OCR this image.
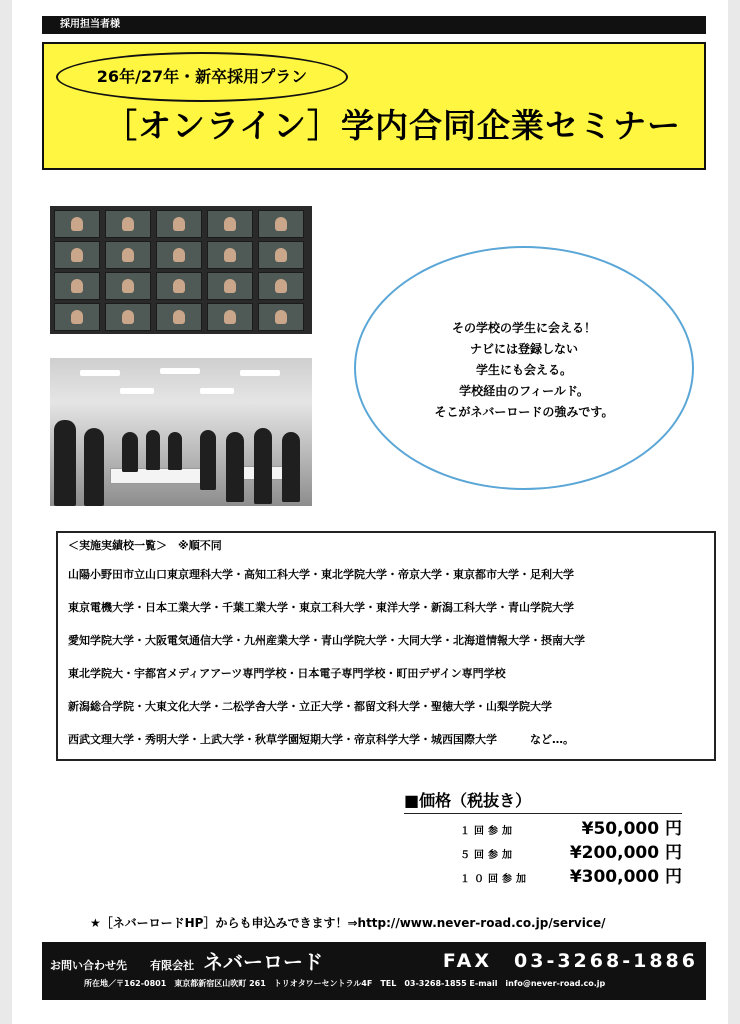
採用担当者様
26年/27年・新卒採用プラン
［オンライン］学内合同企業セミナー
その学校の学生に会える！
ナビには登録しない
学生にも会える。
学校経由のフィールド。
そこがネバーロードの強みです。
＜実施実績校一覧＞　※順不同
山陽小野田市立山口東京理科大学・高知工科大学・東北学院大学・帝京大学・東京都市大学・足利大学
東京電機大学・日本工業大学・千葉工業大学・東京工科大学・東洋大学・新潟工科大学・青山学院大学
愛知学院大学・大阪電気通信大学・九州産業大学・青山学院大学・大同大学・北海道情報大学・摂南大学
東北学院大・宇都宮メディアアーツ専門学校・日本電子専門学校・町田デザイン専門学校
新潟総合学院・大東文化大学・二松学舎大学・立正大学・都留文科大学・聖徳大学・山梨学院大学
西武文理大学・秀明大学・上武大学・秋草学園短期大学・帝京科学大学・城西国際大学　　　など…。
■価格（税抜き）
１回参加	¥50,000 円
５回参加	¥200,000 円
１０回参加 ¥300,000 円
★［ネバーロードHP］からも申込みできます！⇒http://www.never-road.co.jp/service/
お問い合わせ先 有限会社 ネバーロード	FAX　03-3268-1886
所在地／〒162-0801　東京都新宿区山吹町 261　トリオタワーセントラル4F　TEL　03-3268-1855 E-mail　info@never-road.co.jp
